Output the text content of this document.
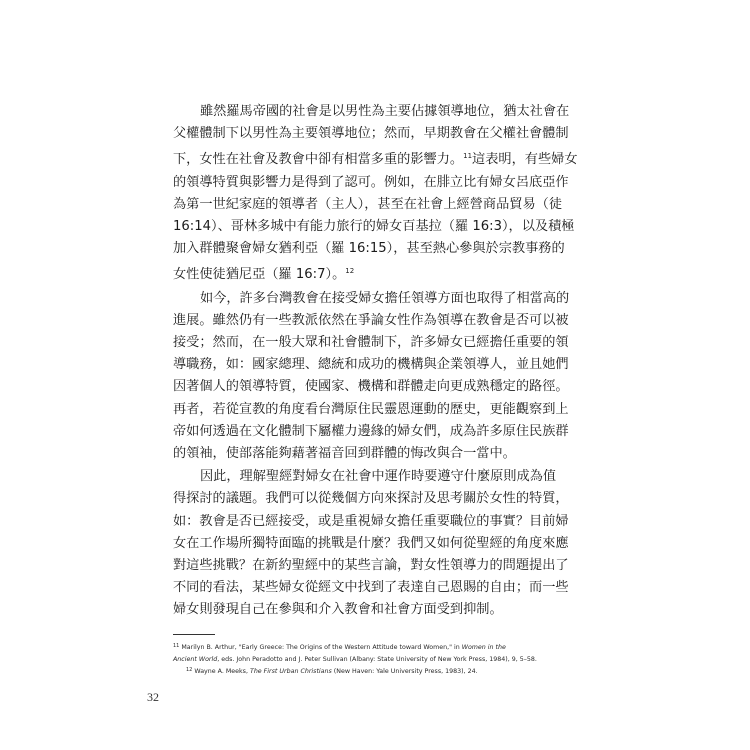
雖然羅馬帝國的社會是以男性為主要佔據領導地位，猶太社會在
父權體制下以男性為主要領導地位；然而，早期教會在父權社會體制
下，女性在社會及教會中卻有相當多重的影響力。$^{11}$這表明，有些婦女
的領導特質與影響力是得到了認可。例如，在腓立比有婦女呂底亞作
為第一世紀家庭的領導者（主人），甚至在社會上經營商品貿易（徒
16:14）、哥林多城中有能力旅行的婦女百基拉（羅 16:3），以及積極
加入群體聚會婦女猶利亞（羅 16:15），甚至熱心參與於宗教事務的
女性使徒猶尼亞（羅 16:7）。$^{12}$

如今，許多台灣教會在接受婦女擔任領導方面也取得了相當高的
進展。雖然仍有一些教派依然在爭論女性作為領導在教會是否可以被
接受；然而，在一般大眾和社會體制下，許多婦女已經擔任重要的領
導職務，如：國家總理、總統和成功的機構與企業領導人，並且她們
因著個人的領導特質，使國家、機構和群體走向更成熟穩定的路徑。
再者，若從宣教的角度看台灣原住民靈恩運動的歷史，更能觀察到上
帝如何透過在文化體制下屬權力邊緣的婦女們，成為許多原住民族群
的領袖，使部落能夠藉著福音回到群體的悔改與合一當中。

因此，理解聖經對婦女在社會中運作時要遵守什麼原則成為值
得探討的議題。我們可以從幾個方向來探討及思考關於女性的特質，
如：教會是否已經接受，或是重視婦女擔任重要職位的事實？目前婦
女在工作場所獨特面臨的挑戰是什麼？我們又如何從聖經的角度來應
對這些挑戰？在新約聖經中的某些言論，對女性領導力的問題提出了
不同的看法，某些婦女從經文中找到了表達自己恩賜的自由；而一些
婦女則發現自己在參與和介入教會和社會方面受到抑制。

$^{11}$ Marilyn B. Arthur, "Early Greece: The Origins of the Western Attitude toward Women," in Women in the
Ancient World, eds. John Peradotto and J. Peter Sullivan (Albany: State University of New York Press, 1984), 9, 5–58.
$^{12}$ Wayne A. Meeks, The First Urban Christians (New Haven: Yale University Press, 1983), 24.
32
